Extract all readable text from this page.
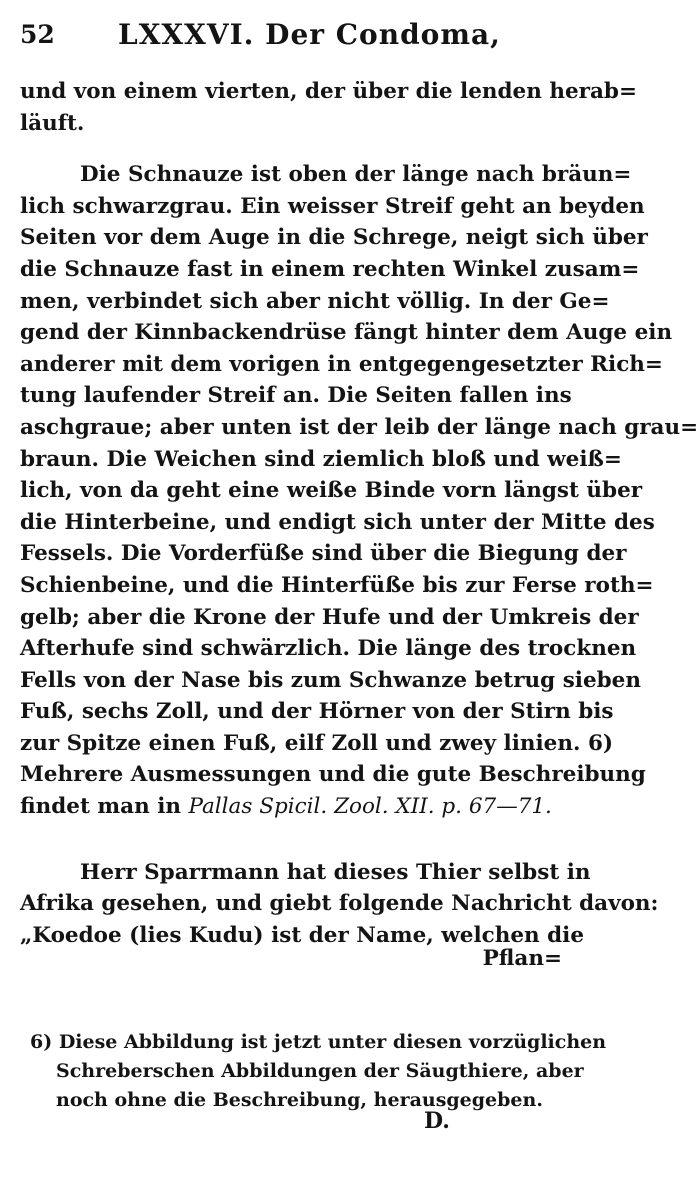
52 LXXXVI. Der Condoma,
und von einem vierten, der über die lenden herab=
läuft.
Die Schnauze ist oben der länge nach bräun=
lich schwarzgrau. Ein weisser Streif geht an beyden
Seiten vor dem Auge in die Schrege, neigt sich über
die Schnauze fast in einem rechten Winkel zusam=
men, verbindet sich aber nicht völlig. In der Ge=
gend der Kinnbackendrüse fängt hinter dem Auge ein
anderer mit dem vorigen in entgegengesetzter Rich=
tung laufender Streif an. Die Seiten fallen ins
aschgraue; aber unten ist der leib der länge nach grau=
braun. Die Weichen sind ziemlich bloß und weiß=
lich, von da geht eine weiße Binde vorn längst über
die Hinterbeine, und endigt sich unter der Mitte des
Fessels. Die Vorderfüße sind über die Biegung der
Schienbeine, und die Hinterfüße bis zur Ferse roth=
gelb; aber die Krone der Hufe und der Umkreis der
Afterhufe sind schwärzlich. Die länge des trocknen
Fells von der Nase bis zum Schwanze betrug sieben
Fuß, sechs Zoll, und der Hörner von der Stirn bis
zur Spitze einen Fuß, eilf Zoll und zwey linien. 6)
Mehrere Ausmessungen und die gute Beschreibung
findet man in Pallas Spicil. Zool. XII. p. 67—71.
Herr Sparrmann hat dieses Thier selbst in
Afrika gesehen, und giebt folgende Nachricht davon:
„Koedoe (lies Kudu) ist der Name, welchen die
Pflan=
6) Diese Abbildung ist jetzt unter diesen vorzüglichen
Schreberschen Abbildungen der Säugthiere, aber
noch ohne die Beschreibung, herausgegeben.
D.
